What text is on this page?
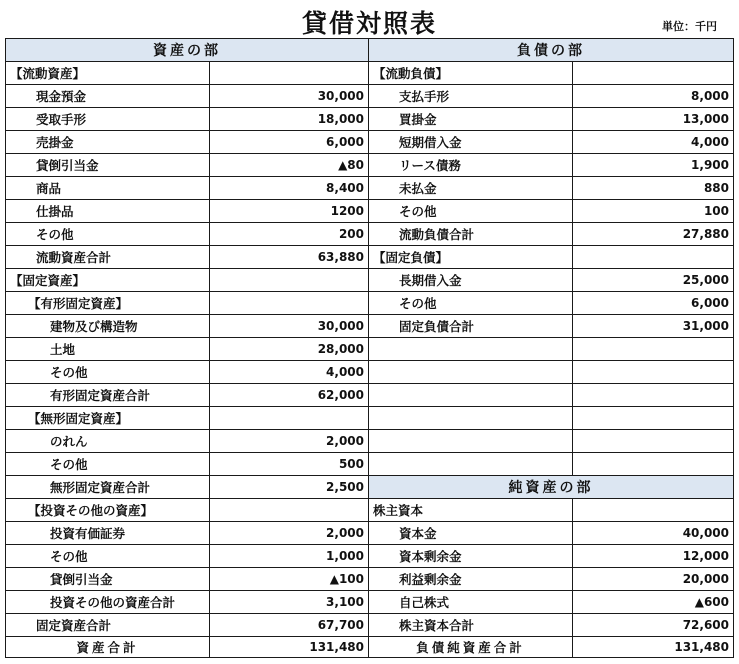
貸借対照表	単位：千円
資産の部		負債の部	
【流動資産】		【流動負債】	
現金預金	30,000	支払手形	8,000
受取手形	18,000	買掛金	13,000
売掛金	6,000	短期借入金	4,000
貸倒引当金	▲80	リース債務	1,900
商品	8,400	未払金	880
仕掛品	1200	その他	100
その他	200	流動負債合計	27,880
流動資産合計	63,880	【固定負債】	
【固定資産】		長期借入金	25,000
【有形固定資産】		その他	6,000
建物及び構造物	30,000	固定負債合計	31,000
土地	28,000		
その他	4,000		
有形固定資産合計	62,000		
【無形固定資産】			
のれん	2,000		
その他	500		
無形固定資産合計	2,500	純資産の部	
【投資その他の資産】		株主資本	
投資有価証券	2,000	資本金	40,000
その他	1,000	資本剰余金	12,000
貸倒引当金	▲100	利益剰余金	20,000
投資その他の資産合計	3,100	自己株式	▲600
固定資産合計	67,700	株主資本合計	72,600
資産合計	131,480	負債純資産合計	131,480
